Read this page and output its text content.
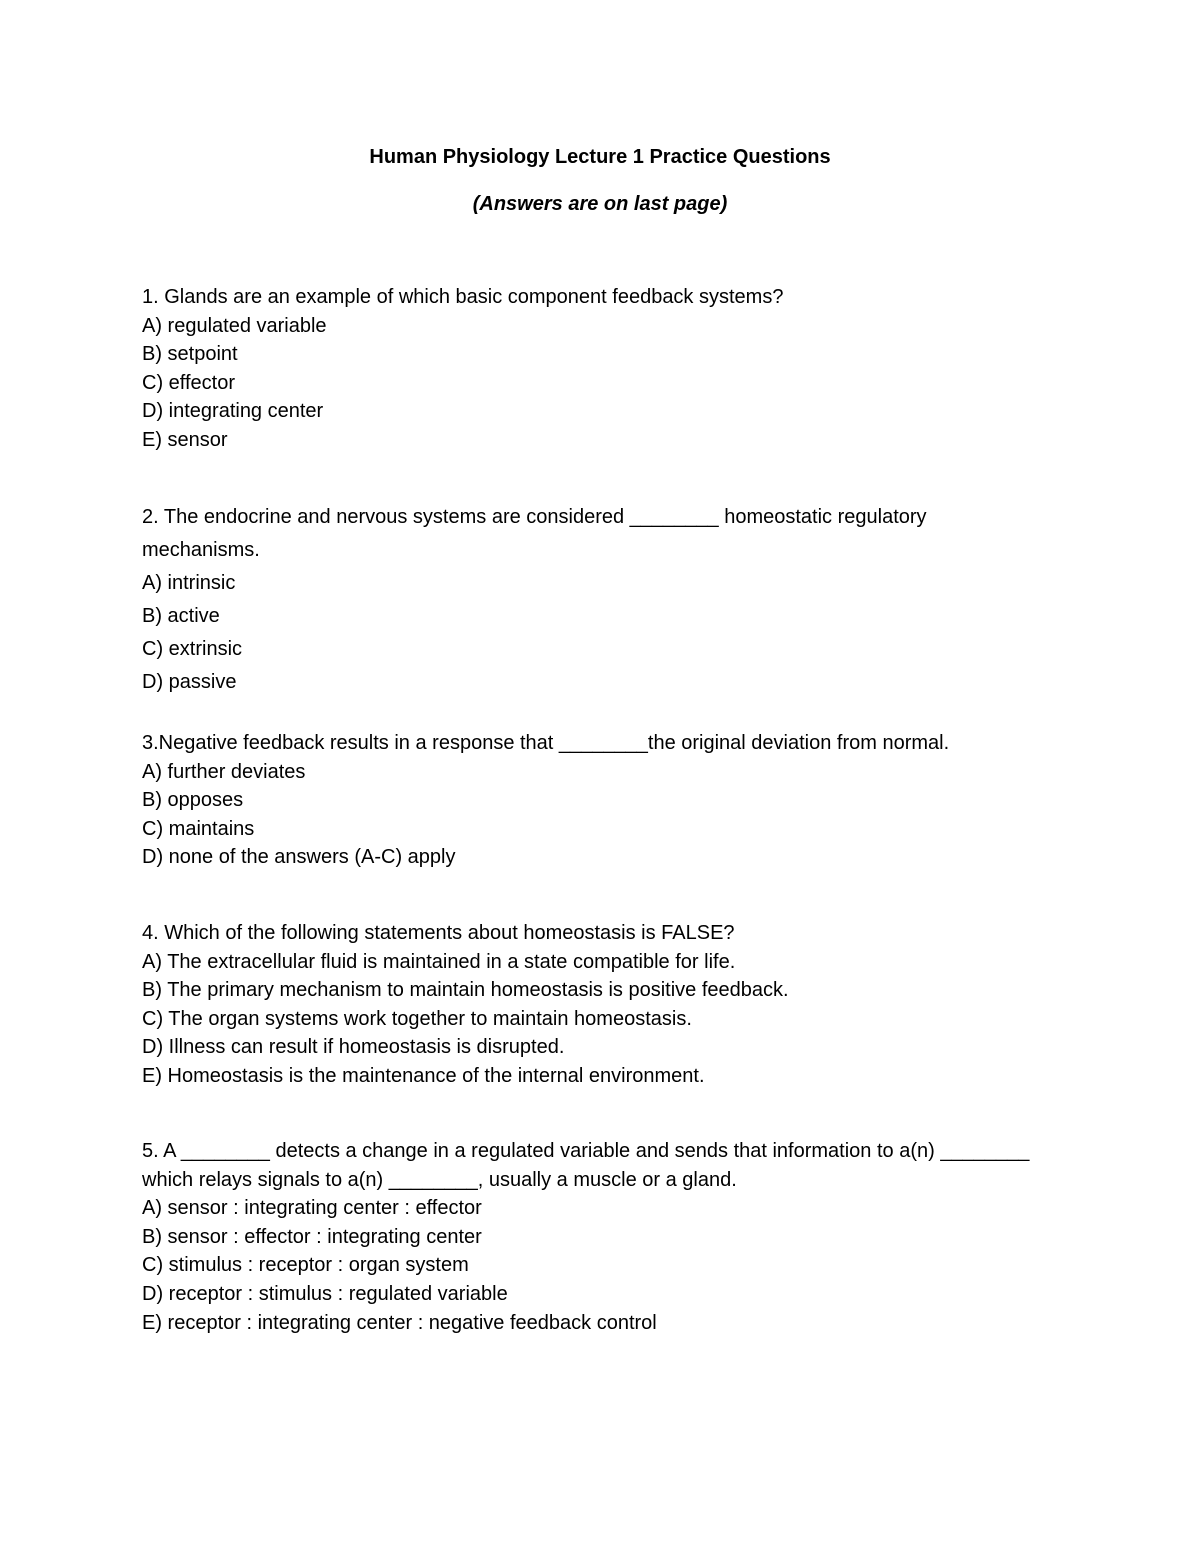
Human Physiology Lecture 1 Practice Questions
(Answers are on last page)
1. Glands are an example of which basic component feedback systems?
A) regulated variable
B) setpoint
C) effector
D) integrating center
E) sensor
2. The endocrine and nervous systems are considered ________ homeostatic regulatory mechanisms.
A) intrinsic
B) active
C) extrinsic
D) passive
3.Negative feedback results in a response that ________the original deviation from normal.
A) further deviates
B) opposes
C) maintains
D) none of the answers (A-C) apply
4. Which of the following statements about homeostasis is FALSE?
A) The extracellular fluid is maintained in a state compatible for life.
B) The primary mechanism to maintain homeostasis is positive feedback.
C) The organ systems work together to maintain homeostasis.
D) Illness can result if homeostasis is disrupted.
E) Homeostasis is the maintenance of the internal environment.
5. A ________ detects a change in a regulated variable and sends that information to a(n) ________ which relays signals to a(n) ________, usually a muscle or a gland.
A) sensor : integrating center : effector
B) sensor : effector : integrating center
C) stimulus : receptor : organ system
D) receptor : stimulus : regulated variable
E) receptor : integrating center : negative feedback control
